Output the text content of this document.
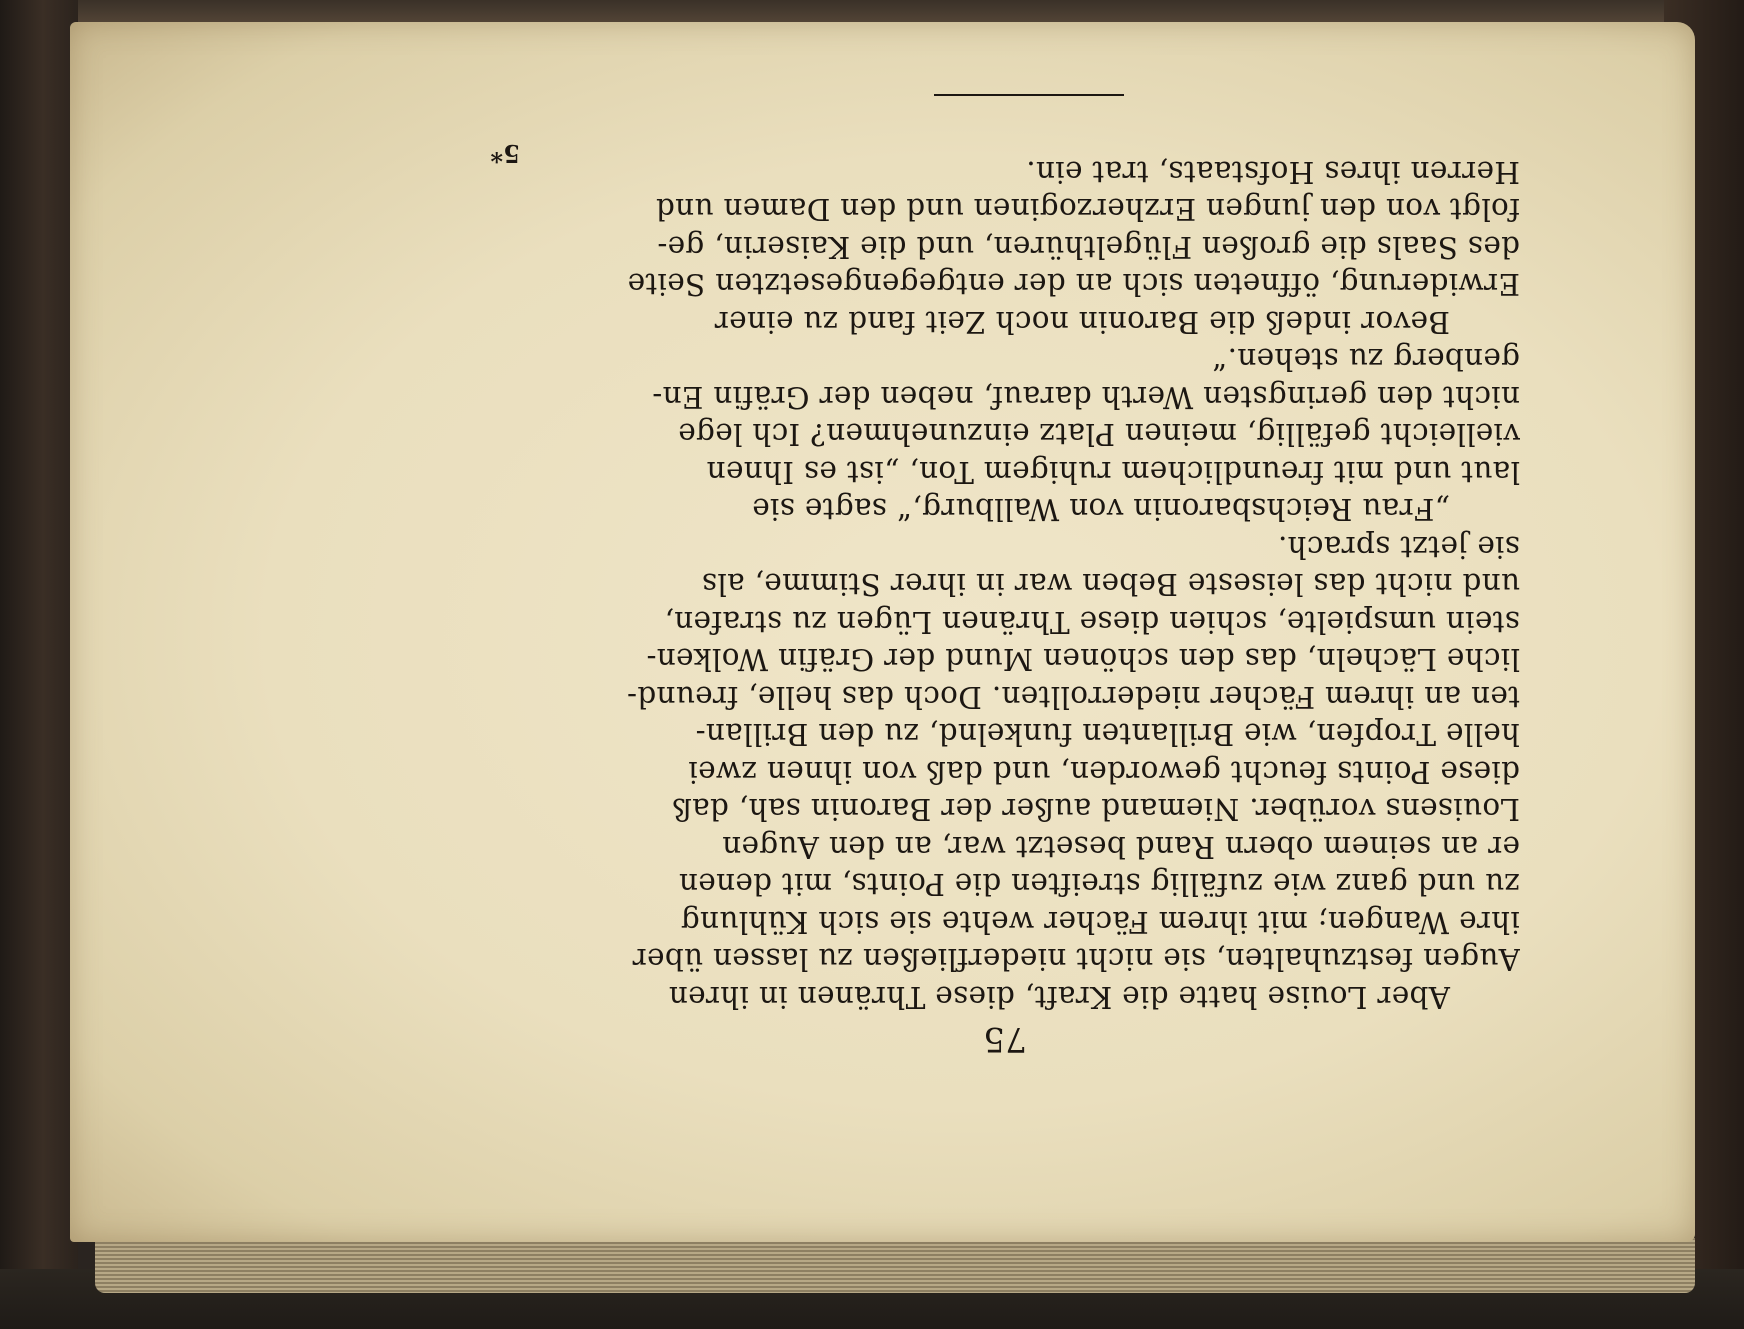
75
Aber Louise hatte die Kraft, diese Thränen in ihren
Augen festzuhalten, sie nicht niederfließen zu lassen über
ihre Wangen; mit ihrem Fächer wehte sie sich Kühlung
zu und ganz wie zufällig streiften die Points, mit denen
er an seinem obern Rand besetzt war, an den Augen
Louisens vorüber. Niemand außer der Baronin sah, daß
diese Points feucht geworden, und daß von ihnen zwei
helle Tropfen, wie Brillanten funkelnd, zu den Brillan-
ten an ihrem Fächer niederrollten. Doch das helle, freund-
liche Lächeln, das den schönen Mund der Gräfin Wolken-
stein umspielte, schien diese Thränen Lügen zu strafen,
und nicht das leiseste Beben war in ihrer Stimme, als
sie jetzt sprach.
„Frau Reichsbaronin von Wallburg,“ sagte sie
laut und mit freundlichem ruhigem Ton, „ist es Ihnen
vielleicht gefällig, meinen Platz einzunehmen? Ich lege
nicht den geringsten Werth darauf, neben der Gräfin En-
genberg zu stehen.“
Bevor indeß die Baronin noch Zeit fand zu einer
Erwiderung, öffneten sich an der entgegengesetzten Seite
des Saals die großen Flügelthüren, und die Kaiserin, ge-
folgt von den jungen Erzherzoginen und den Damen und
Herren ihres Hofstaats, trat ein.
5*
